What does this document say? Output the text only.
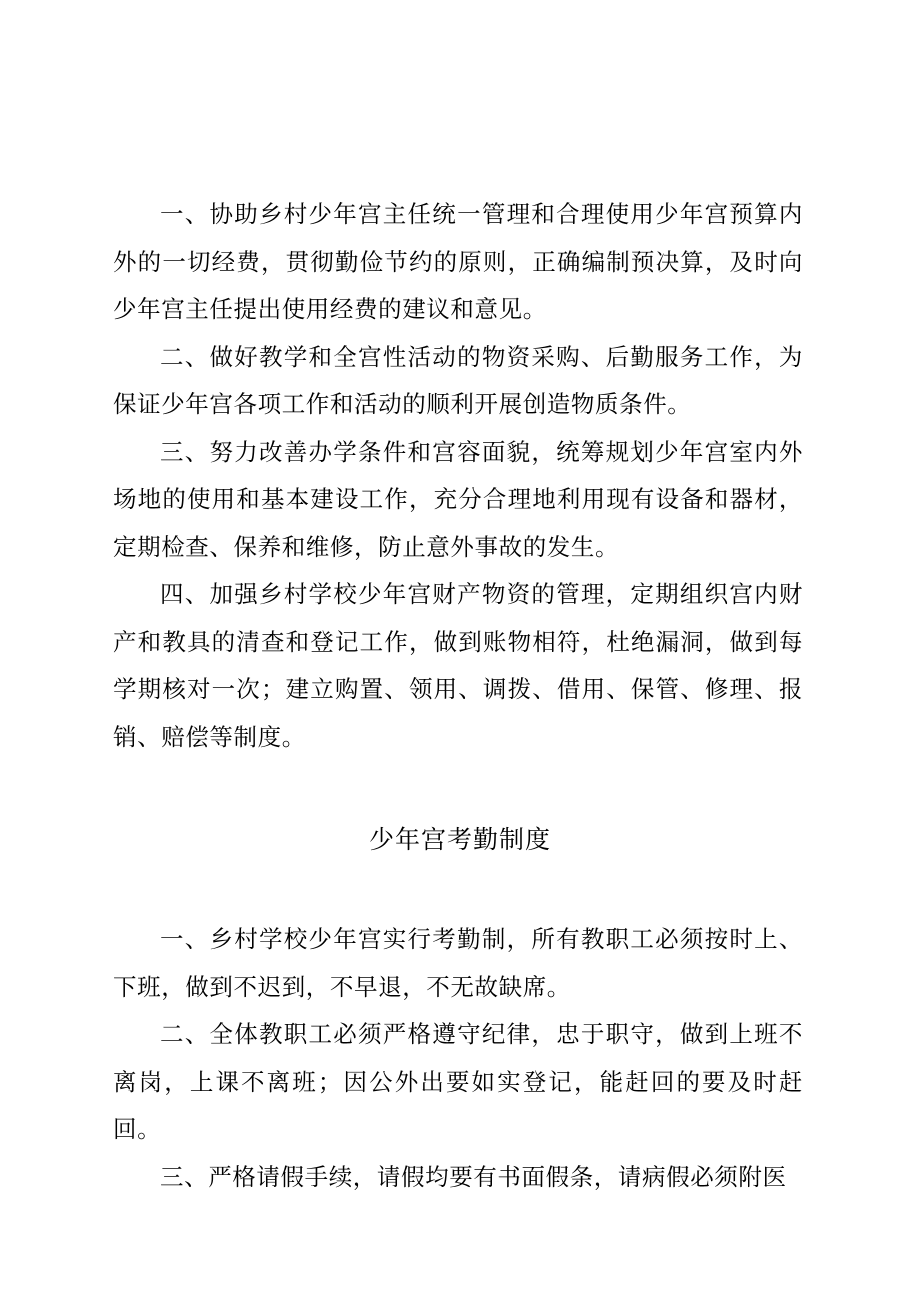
一、协助乡村少年宫主任统一管理和合理使用少年宫预算内外的一切经费，贯彻勤俭节约的原则，正确编制预决算，及时向少年宫主任提出使用经费的建议和意见。

二、做好教学和全宫性活动的物资采购、后勤服务工作，为保证少年宫各项工作和活动的顺利开展创造物质条件。

三、努力改善办学条件和宫容面貌，统筹规划少年宫室内外场地的使用和基本建设工作，充分合理地利用现有设备和器材，定期检查、保养和维修，防止意外事故的发生。

四、加强乡村学校少年宫财产物资的管理，定期组织宫内财产和教具的清查和登记工作，做到账物相符，杜绝漏洞，做到每学期核对一次；建立购置、领用、调拨、借用、保管、修理、报销、赔偿等制度。

少年宫考勤制度

一、乡村学校少年宫实行考勤制，所有教职工必须按时上、下班，做到不迟到，不早退，不无故缺席。

二、全体教职工必须严格遵守纪律，忠于职守，做到上班不离岗，上课不离班；因公外出要如实登记，能赶回的要及时赶回。

三、严格请假手续，请假均要有书面假条，请病假必须附医
